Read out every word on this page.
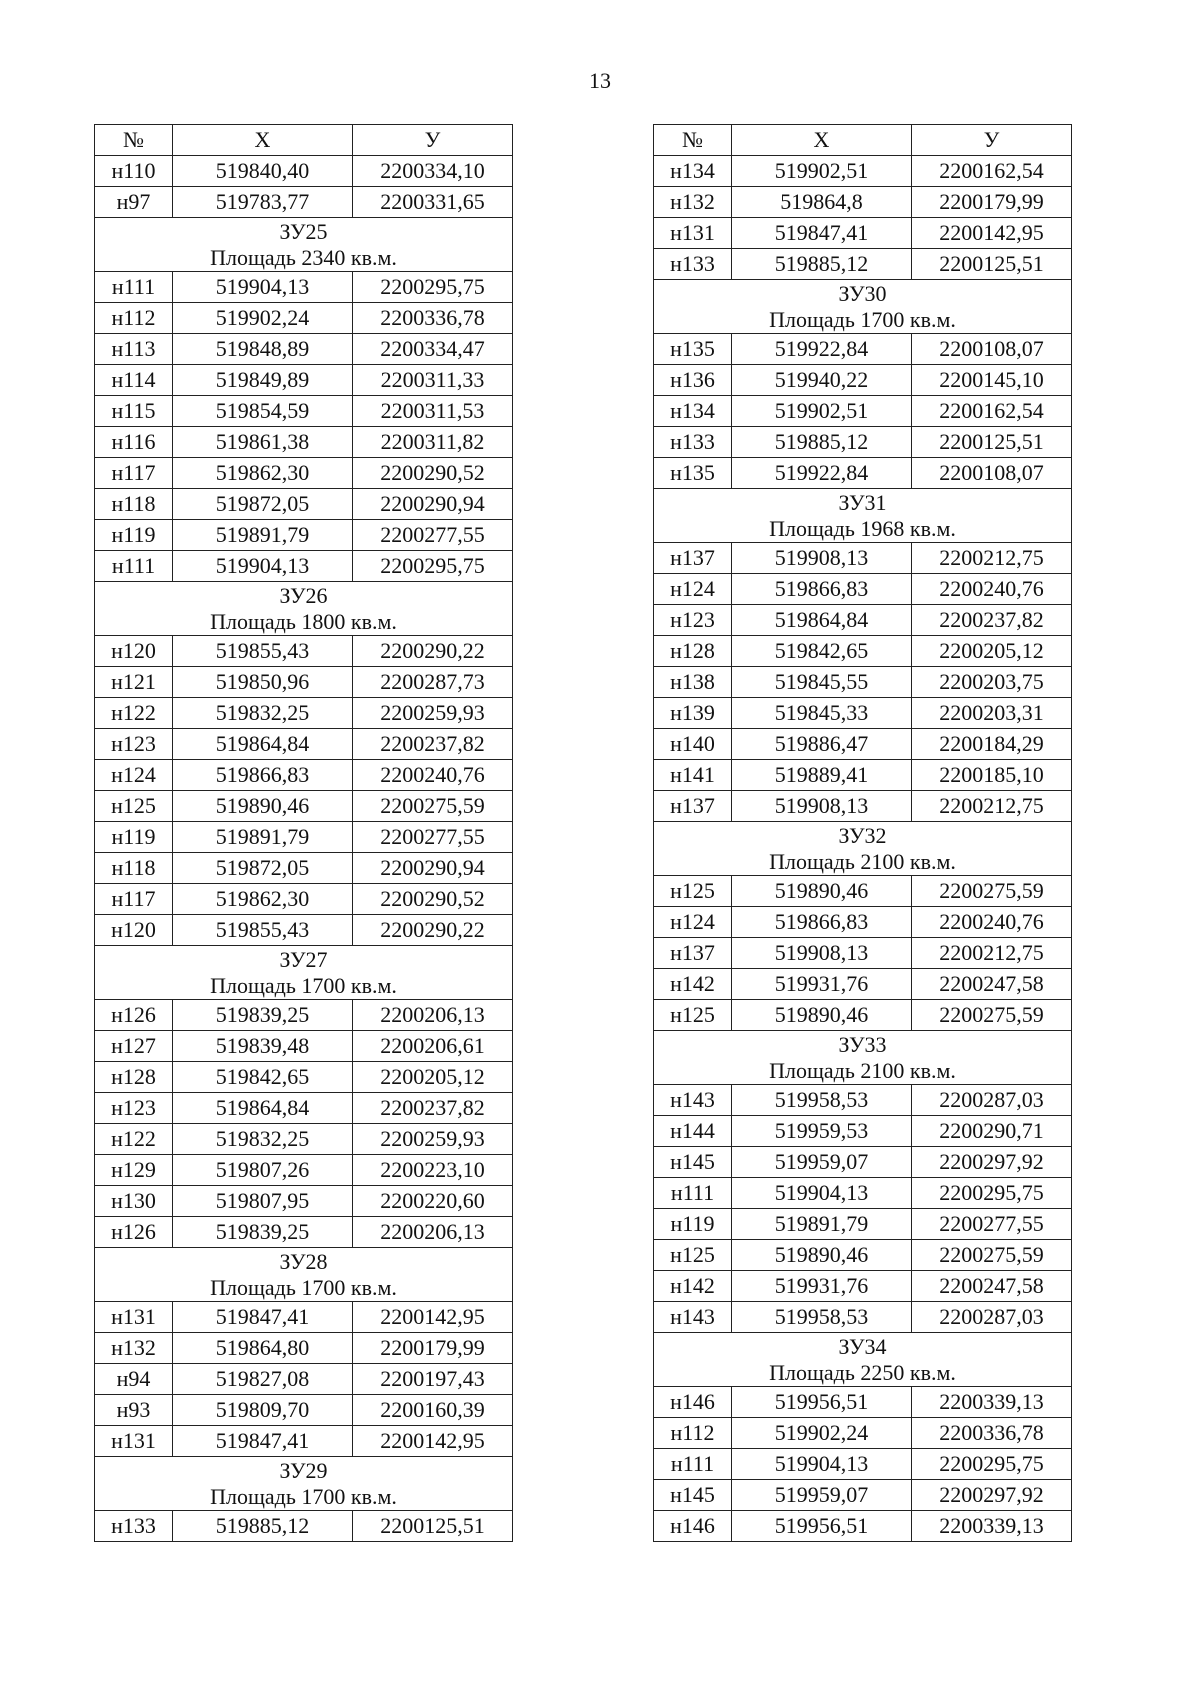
13
№	Х	У
н110	519840,40	2200334,10
н97	519783,77	2200331,65

ЗУ25
Площадь 2340 кв.м.		

н111	519904,13	2200295,75
н112	519902,24	2200336,78
н113	519848,89	2200334,47
н114	519849,89	2200311,33
н115	519854,59	2200311,53
н116	519861,38	2200311,82
н117	519862,30	2200290,52
н118	519872,05	2200290,94
н119	519891,79	2200277,55
н111	519904,13	2200295,75

ЗУ26
Площадь 1800 кв.м.		

н120	519855,43	2200290,22
н121	519850,96	2200287,73
н122	519832,25	2200259,93
н123	519864,84	2200237,82
н124	519866,83	2200240,76
н125	519890,46	2200275,59
н119	519891,79	2200277,55
н118	519872,05	2200290,94
н117	519862,30	2200290,52
н120	519855,43	2200290,22

ЗУ27
Площадь 1700 кв.м.		

н126	519839,25	2200206,13
н127	519839,48	2200206,61
н128	519842,65	2200205,12
н123	519864,84	2200237,82
н122	519832,25	2200259,93
н129	519807,26	2200223,10
н130	519807,95	2200220,60
н126	519839,25	2200206,13

ЗУ28
Площадь 1700 кв.м.		

н131	519847,41	2200142,95
н132	519864,80	2200179,99
н94	519827,08	2200197,43
н93	519809,70	2200160,39
н131	519847,41	2200142,95

ЗУ29
Площадь 1700 кв.м.		

н133	519885,12	2200125,51
№	Х	У
н134	519902,51	2200162,54
н132	519864,8	2200179,99
н131	519847,41	2200142,95
н133	519885,12	2200125,51

ЗУ30
Площадь 1700 кв.м.		

н135	519922,84	2200108,07
н136	519940,22	2200145,10
н134	519902,51	2200162,54
н133	519885,12	2200125,51
н135	519922,84	2200108,07

ЗУ31
Площадь 1968 кв.м.		

н137	519908,13	2200212,75
н124	519866,83	2200240,76
н123	519864,84	2200237,82
н128	519842,65	2200205,12
н138	519845,55	2200203,75
н139	519845,33	2200203,31
н140	519886,47	2200184,29
н141	519889,41	2200185,10
н137	519908,13	2200212,75

ЗУ32
Площадь 2100 кв.м.		

н125	519890,46	2200275,59
н124	519866,83	2200240,76
н137	519908,13	2200212,75
н142	519931,76	2200247,58
н125	519890,46	2200275,59

ЗУ33
Площадь 2100 кв.м.		

н143	519958,53	2200287,03
н144	519959,53	2200290,71
н145	519959,07	2200297,92
н111	519904,13	2200295,75
н119	519891,79	2200277,55
н125	519890,46	2200275,59
н142	519931,76	2200247,58
н143	519958,53	2200287,03

ЗУ34
Площадь 2250 кв.м.		

н146	519956,51	2200339,13
н112	519902,24	2200336,78
н111	519904,13	2200295,75
н145	519959,07	2200297,92
н146	519956,51	2200339,13
